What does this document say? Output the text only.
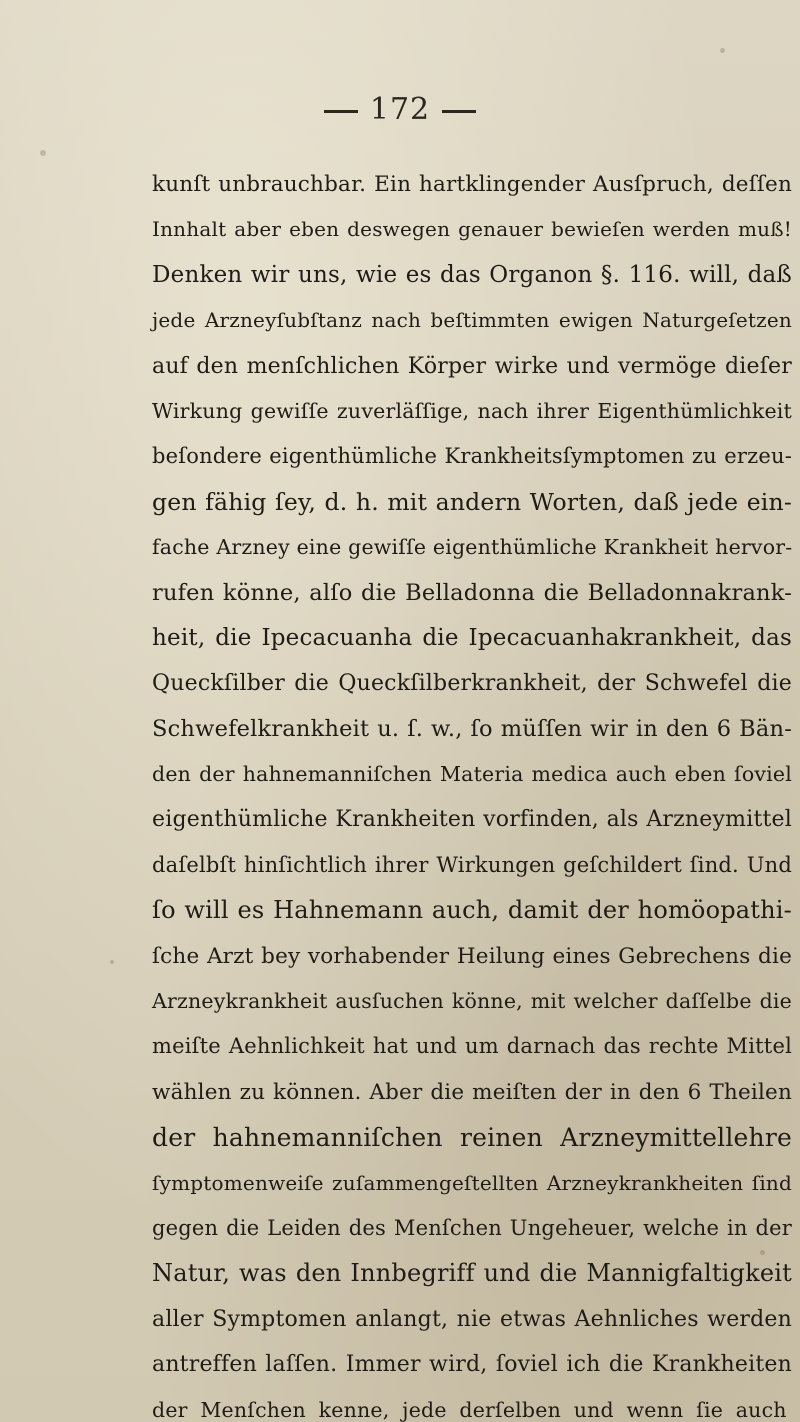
172
kunſt unbrauchbar. Ein hartklingender Ausſpruch, deſſen
Innhalt aber eben deswegen genauer bewieſen werden muß!
Denken wir uns, wie es das Organon §. 116. will, daß
jede Arzneyſubſtanz nach beſtimmten ewigen Naturgeſetzen
auf den menſchlichen Körper wirke und vermöge dieſer
Wirkung gewiſſe zuverläſſige, nach ihrer Eigenthümlichkeit
beſondere eigenthümliche Krankheitsſymptomen zu erzeu-
gen fähig ſey, d. h. mit andern Worten, daß jede ein-
fache Arzney eine gewiſſe eigenthümliche Krankheit hervor-
rufen könne, alſo die Belladonna die Belladonnakrank-
heit, die Ipecacuanha die Ipecacuanhakrankheit, das
Queckſilber die Queckſilberkrankheit, der Schwefel die
Schwefelkrankheit u. ſ. w., ſo müſſen wir in den 6 Bän-
den der hahnemanniſchen Materia medica auch eben ſoviel
eigenthümliche Krankheiten vorfinden, als Arzneymittel
daſelbſt hinſichtlich ihrer Wirkungen geſchildert ſind. Und
ſo will es Hahnemann auch, damit der homöopathi-
ſche Arzt bey vorhabender Heilung eines Gebrechens die
Arzneykrankheit ausſuchen könne, mit welcher daſſelbe die
meiſte Aehnlichkeit hat und um darnach das rechte Mittel
wählen zu können. Aber die meiſten der in den 6 Theilen
der hahnemanniſchen reinen Arzneymittellehre
ſymptomenweiſe zuſammengeſtellten Arzneykrankheiten ſind
gegen die Leiden des Menſchen Ungeheuer, welche in der
Natur, was den Innbegriff und die Mannigfaltigkeit
aller Symptomen anlangt, nie etwas Aehnliches werden
antreffen laſſen. Immer wird, ſoviel ich die Krankheiten
der Menſchen kenne, jede derſelben und wenn ſie auch
